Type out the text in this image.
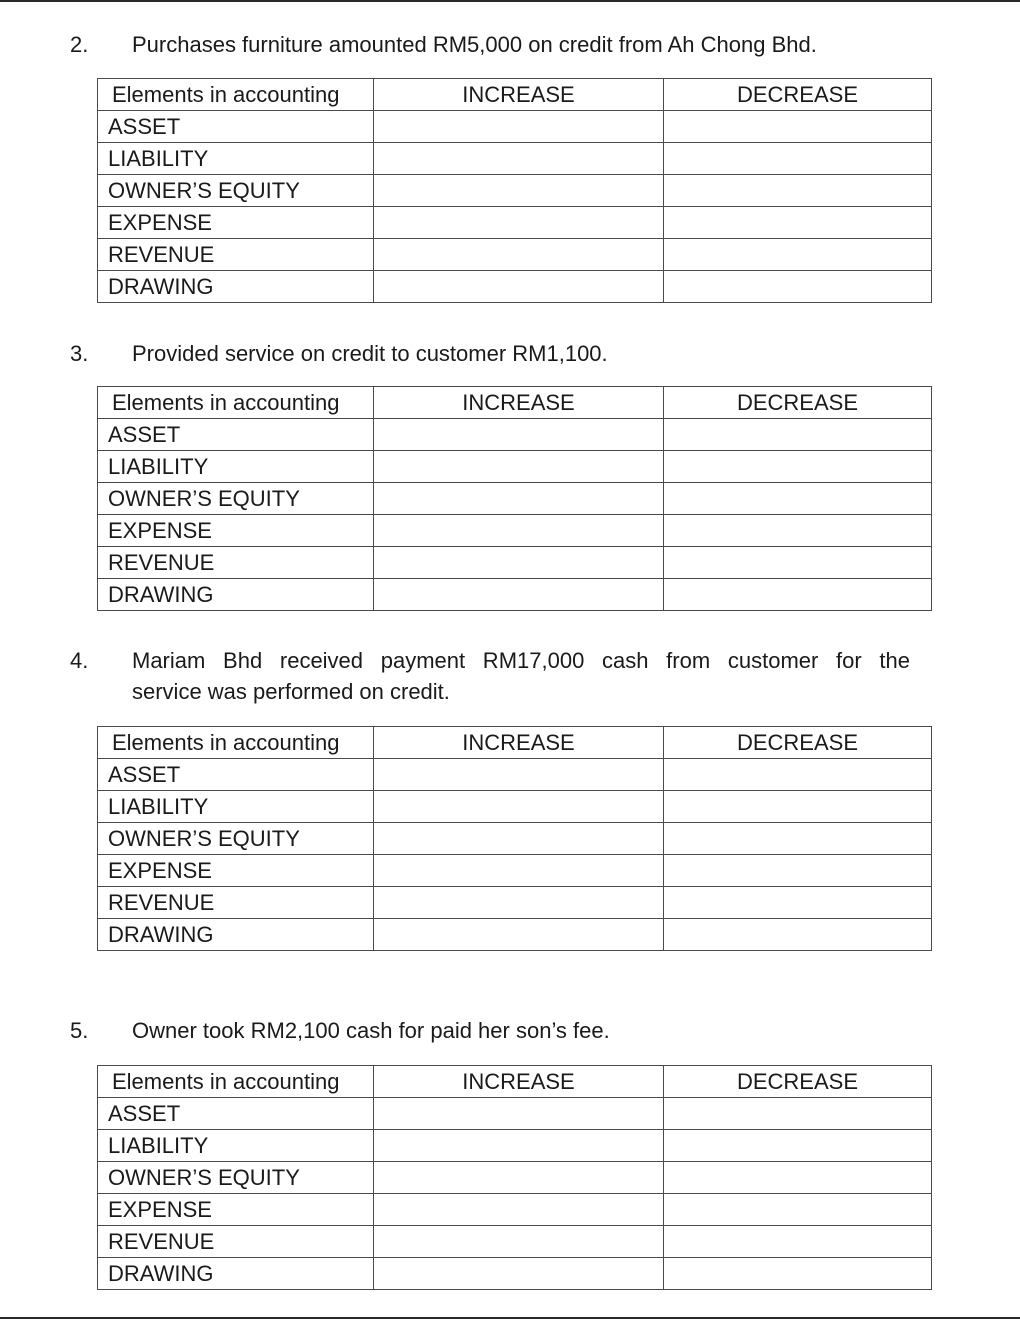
2. Purchases furniture amounted RM5,000 on credit from Ah Chong Bhd.
Elements in accounting	INCREASE	DECREASE
ASSET		
LIABILITY		
OWNER’S EQUITY		
EXPENSE		
REVENUE		
DRAWING		
3. Provided service on credit to customer RM1,100.
Elements in accounting	INCREASE	DECREASE
ASSET		
LIABILITY		
OWNER’S EQUITY		
EXPENSE		
REVENUE		
DRAWING		
4. Mariam Bhd received payment RM17,000 cash from customer for the
service was performed on credit.
Elements in accounting	INCREASE	DECREASE
ASSET		
LIABILITY		
OWNER’S EQUITY		
EXPENSE		
REVENUE		
DRAWING		
5. Owner took RM2,100 cash for paid her son’s fee.
Elements in accounting	INCREASE	DECREASE
ASSET		
LIABILITY		
OWNER’S EQUITY		
EXPENSE		
REVENUE		
DRAWING		
